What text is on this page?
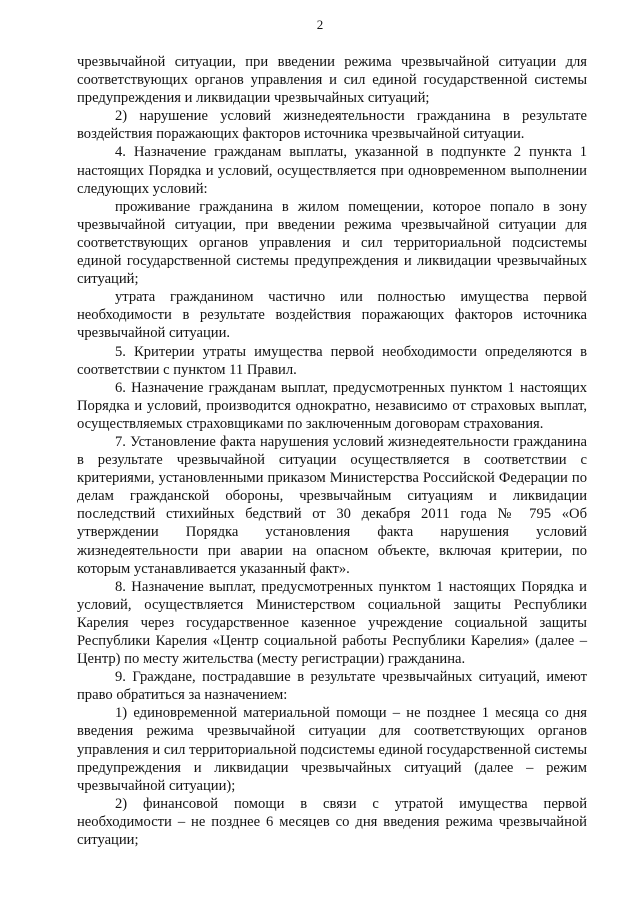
2

чрезвычайной ситуации, при введении режима чрезвычайной ситуации для соответствующих органов управления и сил единой государственной системы предупреждения и ликвидации чрезвычайных ситуаций;

2) нарушение условий жизнедеятельности гражданина в результате воздействия поражающих факторов источника чрезвычайной ситуации.

4. Назначение гражданам выплаты, указанной в подпункте 2 пункта 1 настоящих Порядка и условий, осуществляется при одновременном выполнении следующих условий:

проживание гражданина в жилом помещении, которое попало в зону чрезвычайной ситуации, при введении режима чрезвычайной ситуации для соответствующих органов управления и сил территориальной подсистемы единой государственной системы предупреждения и ликвидации чрезвычайных ситуаций;

утрата гражданином частично или полностью имущества первой необходимости в результате воздействия поражающих факторов источника чрезвычайной ситуации.

5. Критерии утраты имущества первой необходимости определяются в соответствии с пунктом 11 Правил.

6. Назначение гражданам выплат, предусмотренных пунктом 1 настоящих Порядка и условий, производится однократно, независимо от страховых выплат, осуществляемых страховщиками по заключенным договорам страхования.

7. Установление факта нарушения условий жизнедеятельности гражданина в результате чрезвычайной ситуации осуществляется в соответствии с критериями, установленными приказом Министерства Российской Федерации по делам гражданской обороны, чрезвычайным ситуациям и ликвидации последствий стихийных бедствий от 30 декабря 2011 года № 795 «Об утверждении Порядка установления факта нарушения условий жизнедеятельности при аварии на опасном объекте, включая критерии, по которым устанавливается указанный факт».

8. Назначение выплат, предусмотренных пунктом 1 настоящих Порядка и условий, осуществляется Министерством социальной защиты Республики Карелия через государственное казенное учреждение социальной защиты Республики Карелия «Центр социальной работы Республики Карелия» (далее – Центр) по месту жительства (месту регистрации) гражданина.

9. Граждане, пострадавшие в результате чрезвычайных ситуаций, имеют право обратиться за назначением:

1) единовременной материальной помощи – не позднее 1 месяца со дня введения режима чрезвычайной ситуации для соответствующих органов управления и сил территориальной подсистемы единой государственной системы предупреждения и ликвидации чрезвычайных ситуаций (далее – режим чрезвычайной ситуации);

2) финансовой помощи в связи с утратой имущества первой необходимости – не позднее 6 месяцев со дня введения режима чрезвычайной ситуации;
